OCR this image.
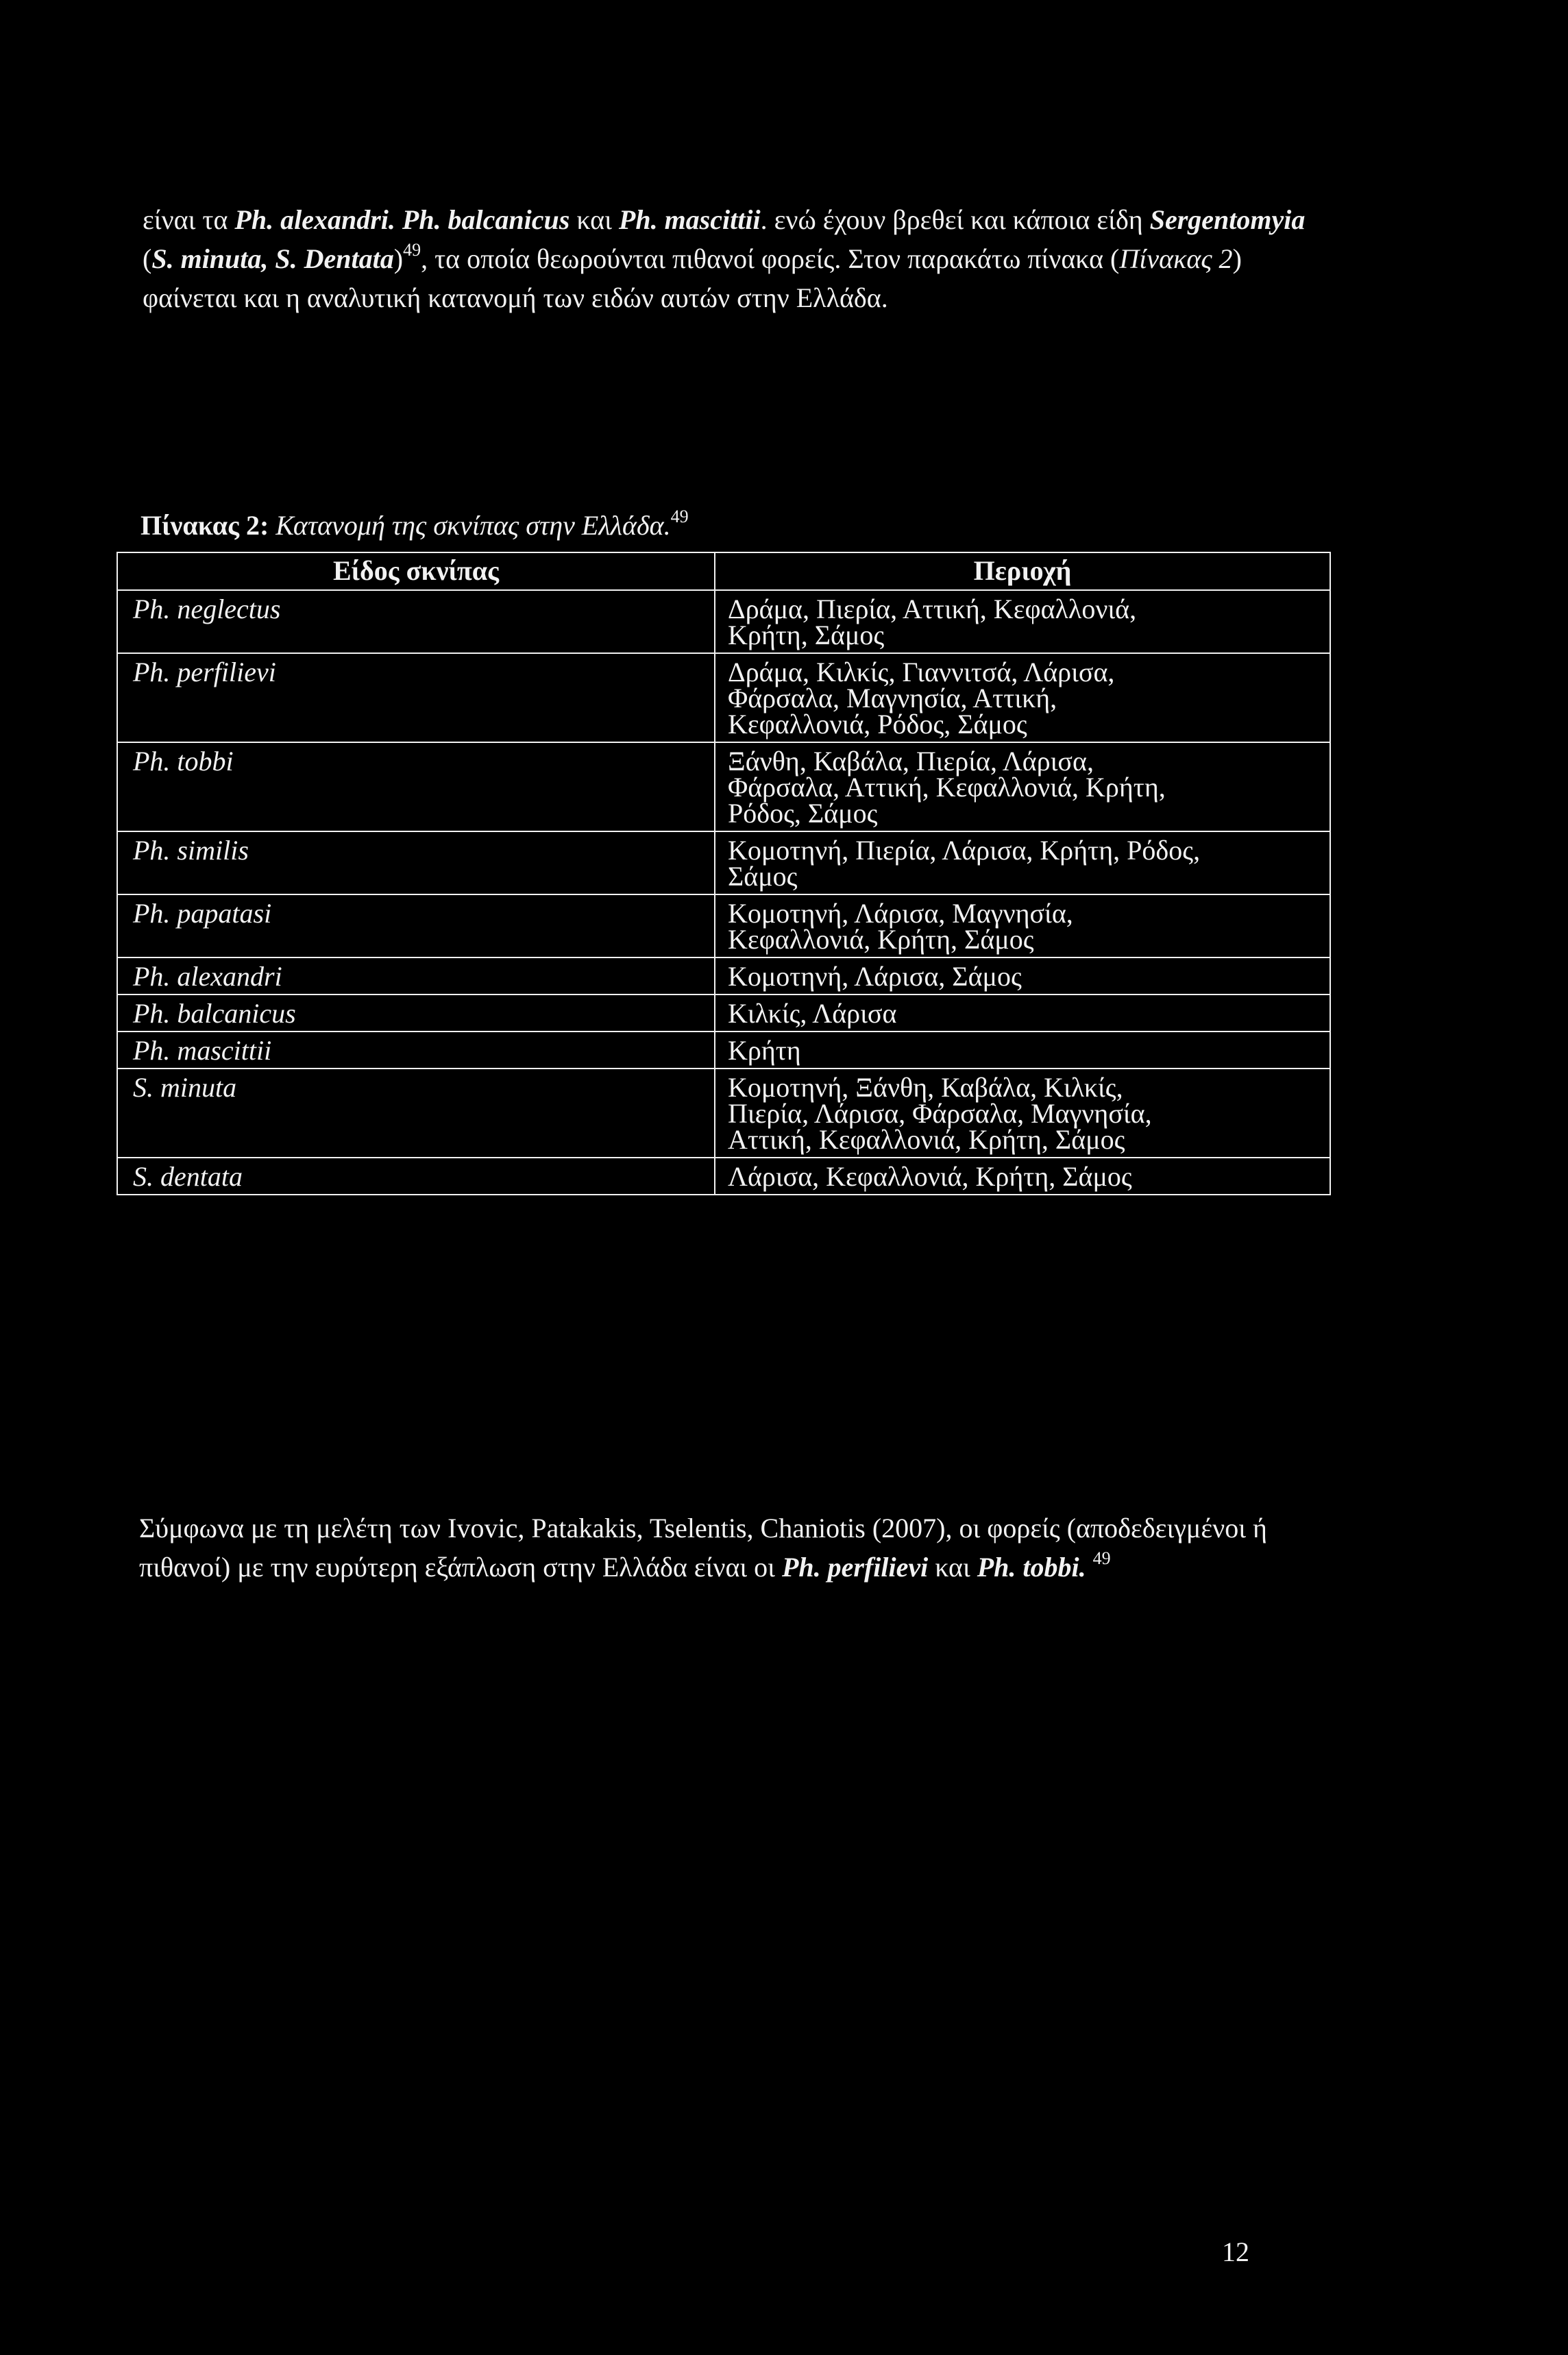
είναι τα Ph. alexandri. Ph. balcanicus και Ph. mascittii. ενώ έχουν βρεθεί και κάποια είδη Sergentomyia (S. minuta, S. Dentata)$^{49}$, τα οποία θεωρούνται πιθανοί φορείς. Στον παρακάτω πίνακα (Πίνακας 2) φαίνεται και η αναλυτική κατανομή των ειδών αυτών στην Ελλάδα.

Πίνακας 2: Κατανομή της σκνίπας στην Ελλάδα.$^{49}$
Είδος σκνίπας	Περιοχή
Ph. neglectus	Δράμα, Πιερία, Αττική, Κεφαλλονιά,
Κρήτη, Σάμος

Ph. perfilievi	Δράμα, Κιλκίς, Γιαννιτσά, Λάρισα,
Φάρσαλα, Μαγνησία, Αττική,
Κεφαλλονιά, Ρόδος, Σάμος

Ph. tobbi	Ξάνθη, Καβάλα, Πιερία, Λάρισα,
Φάρσαλα, Αττική, Κεφαλλονιά, Κρήτη,
Ρόδος, Σάμος

Ph. similis	Κομοτηνή, Πιερία, Λάρισα, Κρήτη, Ρόδος,
Σάμος

Ph. papatasi	Κομοτηνή, Λάρισα, Μαγνησία,
Κεφαλλονιά, Κρήτη, Σάμος

Ph. alexandri	Κομοτηνή, Λάρισα, Σάμος

Ph. balcanicus	Κιλκίς, Λάρισα

Ph. mascittii	Κρήτη

S. minuta	Κομοτηνή, Ξάνθη, Καβάλα, Κιλκίς,
Πιερία, Λάρισα, Φάρσαλα, Μαγνησία,
Αττική, Κεφαλλονιά, Κρήτη, Σάμος

S. dentata	Λάρισα, Κεφαλλονιά, Κρήτη, Σάμος

Σύμφωνα με τη μελέτη των Ivovic, Patakakis, Tselentis, Chaniotis (2007), οι φορείς (αποδεδειγμένοι ή πιθανοί) με την ευρύτερη εξάπλωση στην Ελλάδα είναι οι Ph. perfilievi και Ph. tobbi. $^{49}$

12
